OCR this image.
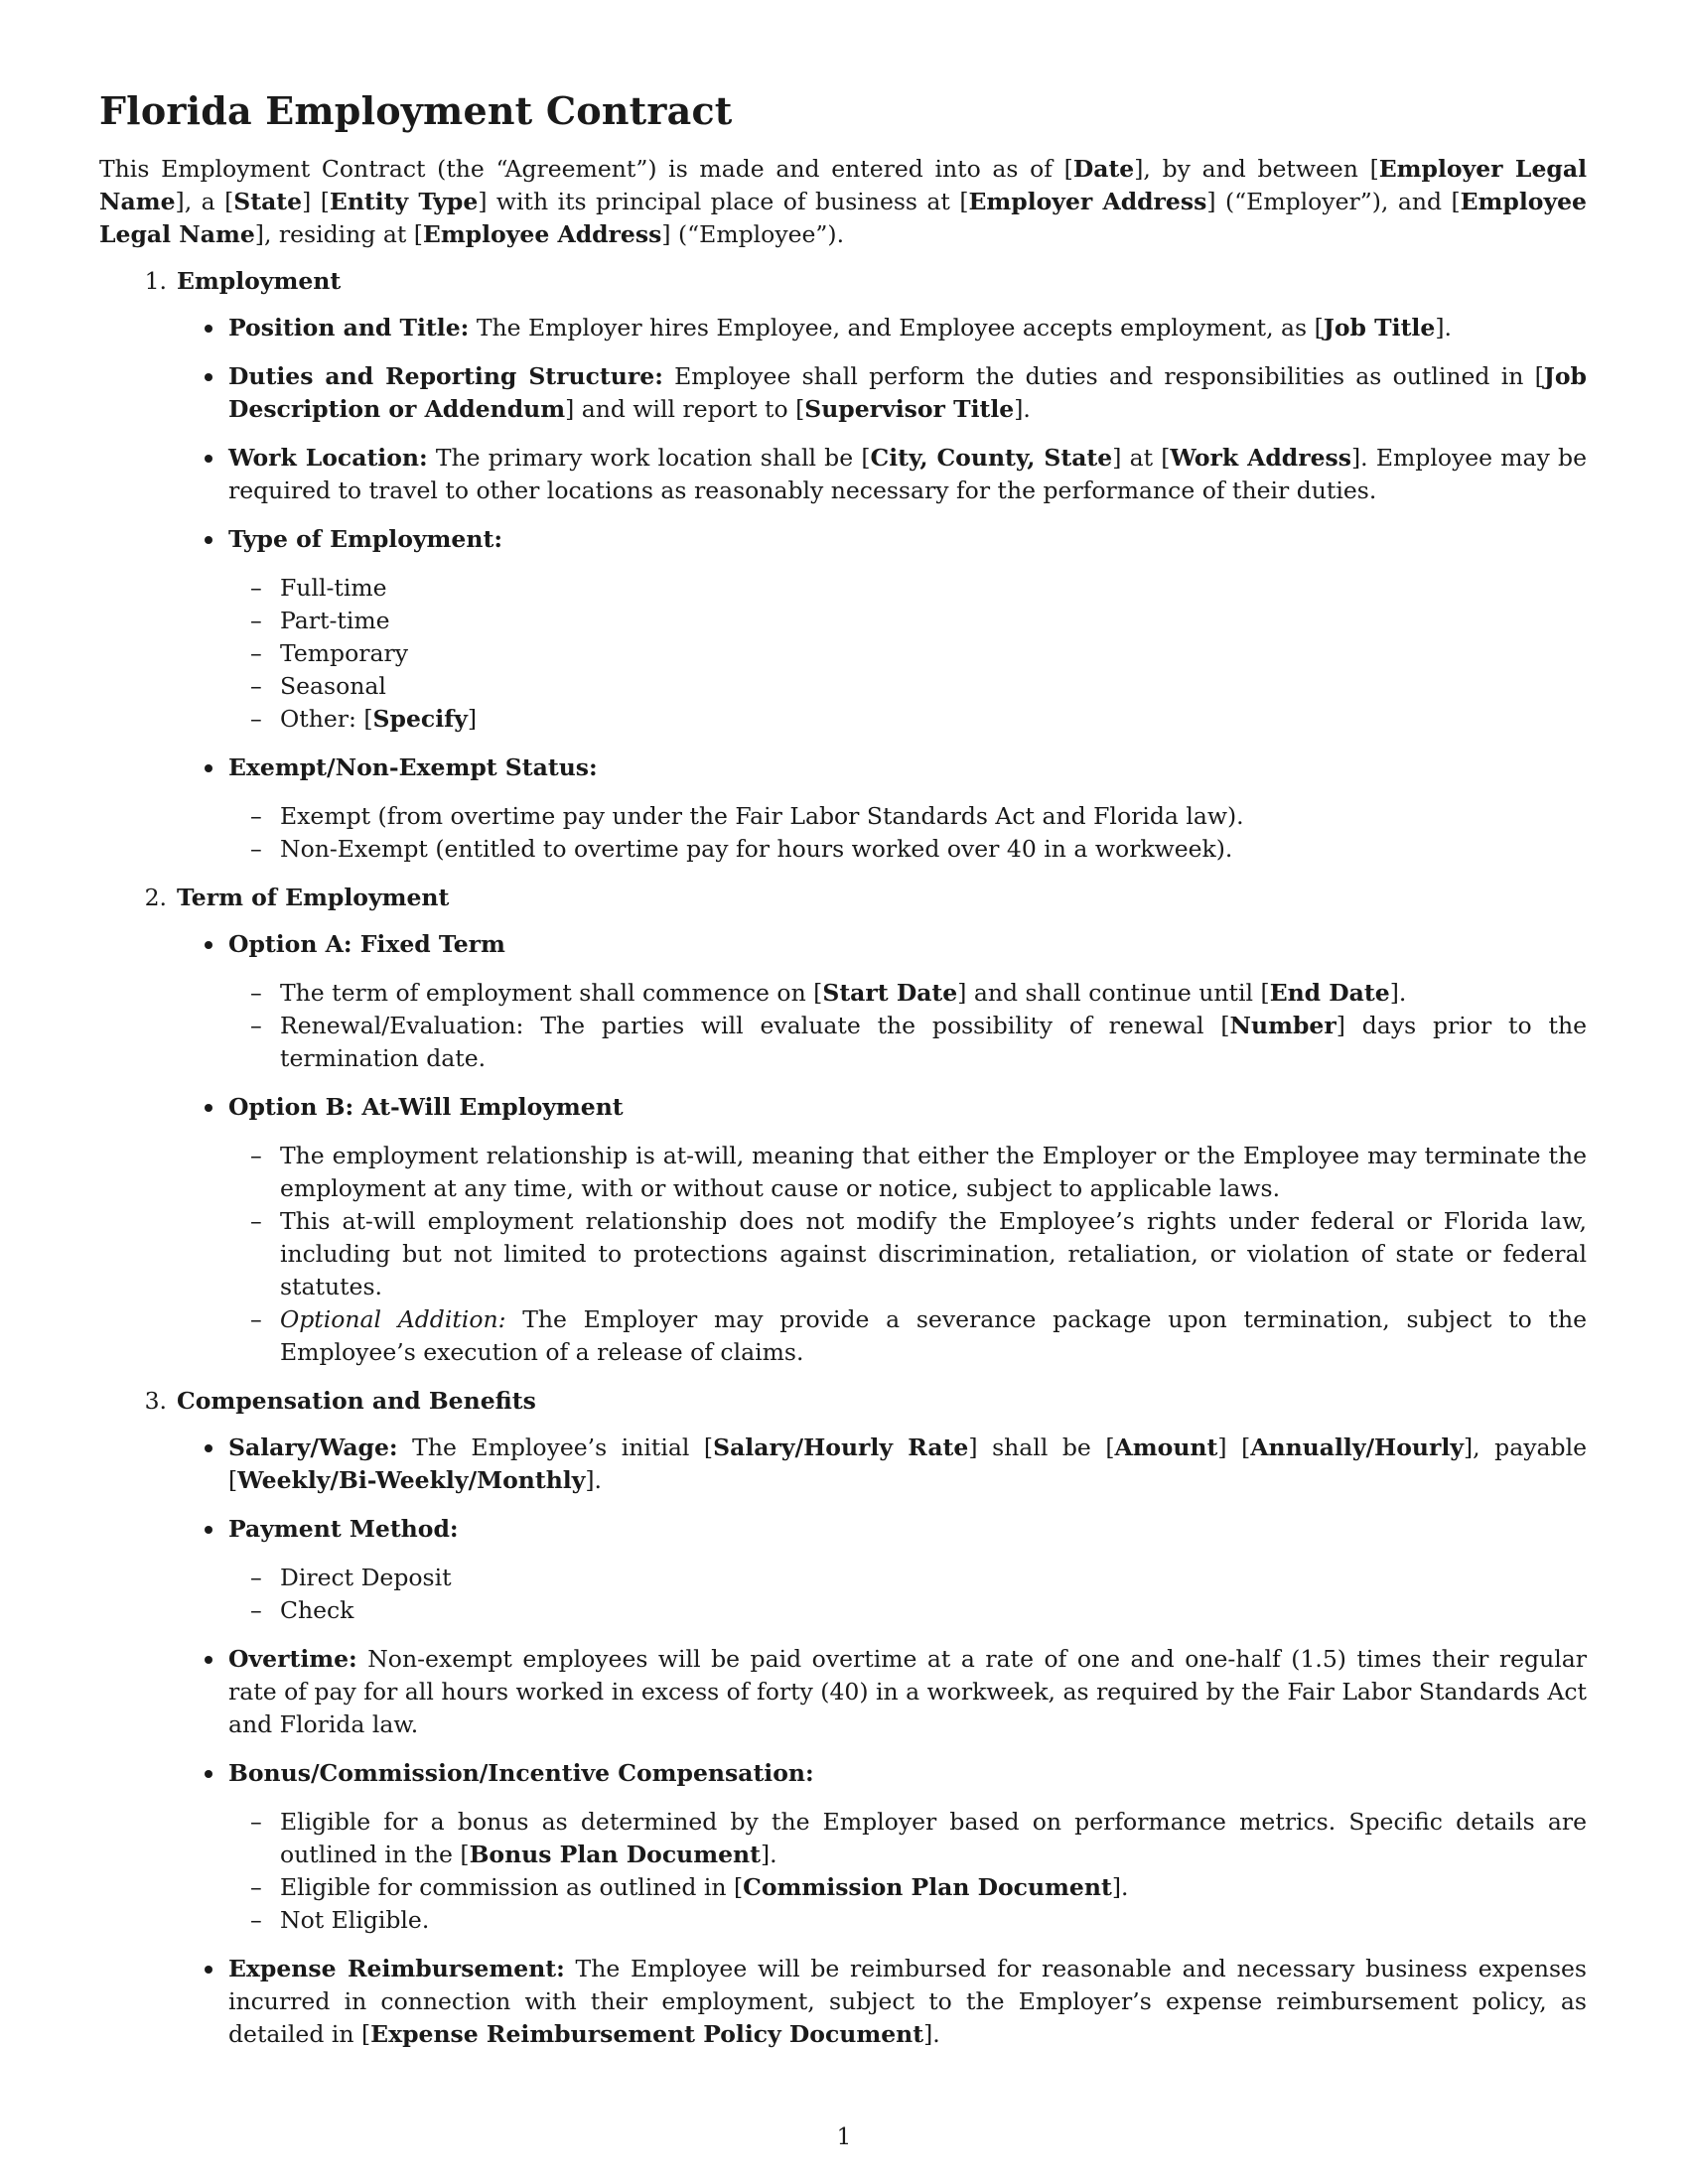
Florida Employment Contract

This Employment Contract (the “Agreement”) is made and entered into as of [Date], by and between [Employer Legal Name], a [State] [Entity Type] with its principal place of business at [Employer Address] (“Employer”), and [Employee Legal Name], residing at [Employee Address] (“Employee”).

1. Employment
Position and Title: The Employer hires Employee, and Employee accepts employment, as [Job Title].
Duties and Reporting Structure: Employee shall perform the duties and responsibilities as outlined in [Job Description or Addendum] and will report to [Supervisor Title].
Work Location: The primary work location shall be [City, County, State] at [Work Address]. Employee may be required to travel to other locations as reasonably necessary for the performance of their duties.
Type of Employment:
– Full-time
– Part-time
– Temporary
– Seasonal
– Other: [Specify]
Exempt/Non-Exempt Status:
– Exempt (from overtime pay under the Fair Labor Standards Act and Florida law).
– Non-Exempt (entitled to overtime pay for hours worked over 40 in a workweek).
2. Term of Employment
Option A: Fixed Term
– The term of employment shall commence on [Start Date] and shall continue until [End Date].
– Renewal/Evaluation: The parties will evaluate the possibility of renewal [Number] days prior to the termination date.
Option B: At-Will Employment
– The employment relationship is at-will, meaning that either the Employer or the Employee may terminate the employment at any time, with or without cause or notice, subject to applicable laws.
– This at-will employment relationship does not modify the Employee’s rights under federal or Florida law, including but not limited to protections against discrimination, retaliation, or violation of state or federal statutes.
– Optional Addition: The Employer may provide a severance package upon termination, subject to the Employee’s execution of a release of claims.
3. Compensation and Benefits
Salary/Wage: The Employee’s initial [Salary/Hourly Rate] shall be [Amount] [Annually/Hourly], payable [Weekly/Bi-Weekly/Monthly].
Payment Method:
– Direct Deposit
– Check
Overtime: Non-exempt employees will be paid overtime at a rate of one and one-half (1.5) times their regular rate of pay for all hours worked in excess of forty (40) in a workweek, as required by the Fair Labor Standards Act and Florida law.
Bonus/Commission/Incentive Compensation:
– Eligible for a bonus as determined by the Employer based on performance metrics. Specific details are outlined in the [Bonus Plan Document].
– Eligible for commission as outlined in [Commission Plan Document].
– Not Eligible.
Expense Reimbursement: The Employee will be reimbursed for reasonable and necessary business expenses incurred in connection with their employment, subject to the Employer’s expense reimbursement policy, as detailed in [Expense Reimbursement Policy Document].
1
